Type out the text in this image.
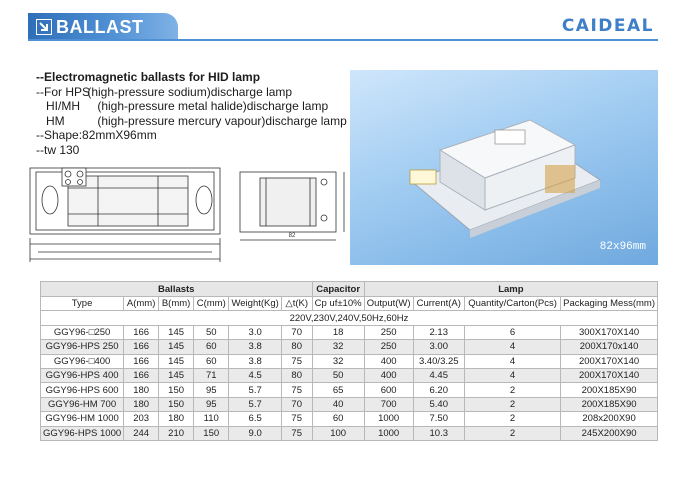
BALLAST	CAIDEAL
--Electromagnetic ballasts for HID lamp
--For HPS (high-pressure sodium)discharge lamp
HI/MH (high-pressure metal halide)discharge lamp
HM	(high-pressure mercury vapour)discharge lamp
--Shape:82mmX96mm
--tw 130
82
82x96mm
Ballasts						Capacitor	Lamp			
Type	A(mm)	B(mm)	C(mm)	Weight(Kg)	△t(K)	Cp uf±10%	Output(W)	Current(A)	Quantity/Carton(Pcs)	Packaging Mess(mm)
220V,230V,240V,50Hz,60Hz										
GGY96-□250	166	145	50	3.0	70	18	250	2.13	6	300X170X140
GGY96-HPS 250	166	145	60	3.8	80	32	250	3.00	4	200X170x140
GGY96-□400	166	145	60	3.8	75	32	400	3.40/3.25	4	200X170X140
GGY96-HPS 400	166	145	71	4.5	80	50	400	4.45	4	200X170X140
GGY96-HPS 600	180	150	95	5.7	75	65	600	6.20	2	200X185X90
GGY96-HM 700	180	150	95	5.7	70	40	700	5.40	2	200X185X90
GGY96-HM 1000	203	180	110	6.5	75	60	1000	7.50	2	208x200X90
GGY96-HPS 1000	244	210	150	9.0	75	100	1000	10.3	2	245X200X90
